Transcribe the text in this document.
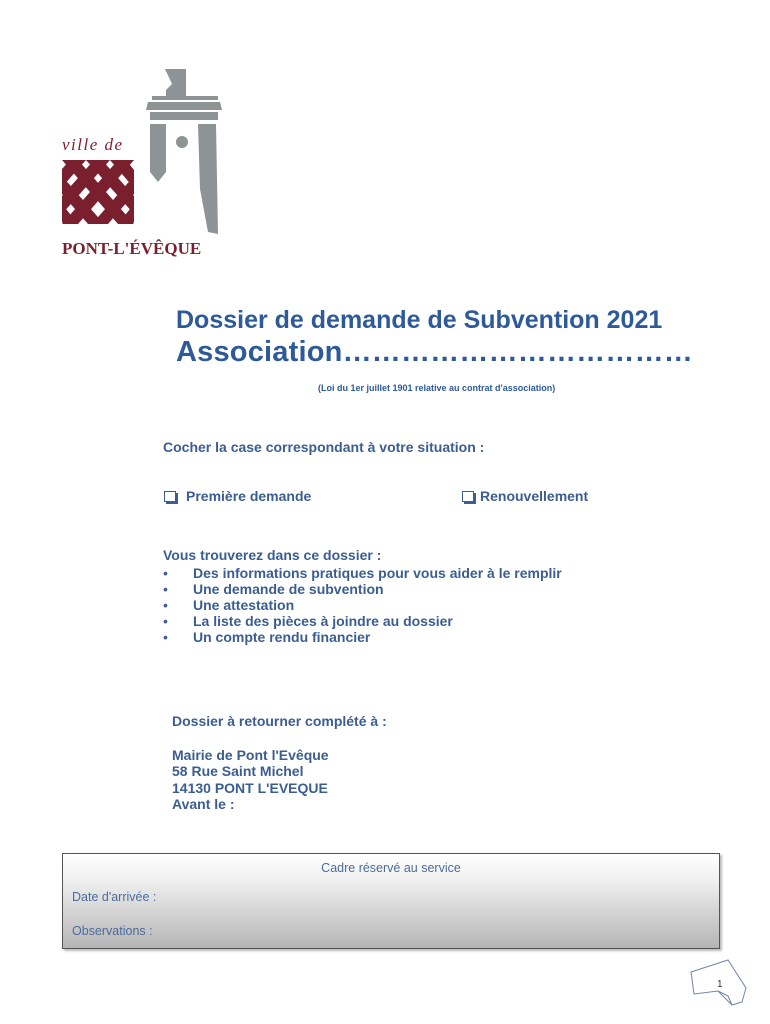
ville de
PONT-L'ÉVÊQUE

Dossier de demande de Subvention 2021

Association………………………………

(Loi du 1er juillet 1901 relative au contrat d'association)
Cocher la case correspondant à votre situation :
Première demande	Renouvellement
Vous trouverez dans ce dossier :
•	Des informations pratiques pour vous aider à le remplir
•	Une demande de subvention
•	Une attestation
•	La liste des pièces à joindre au dossier
•	Un compte rendu financier
Dossier à retourner complété à :
Mairie de Pont l'Evêque
58 Rue Saint Michel
14130 PONT L'EVEQUE
Avant le :
Cadre réservé au service
Date d'arrivée :
Observations :
1
